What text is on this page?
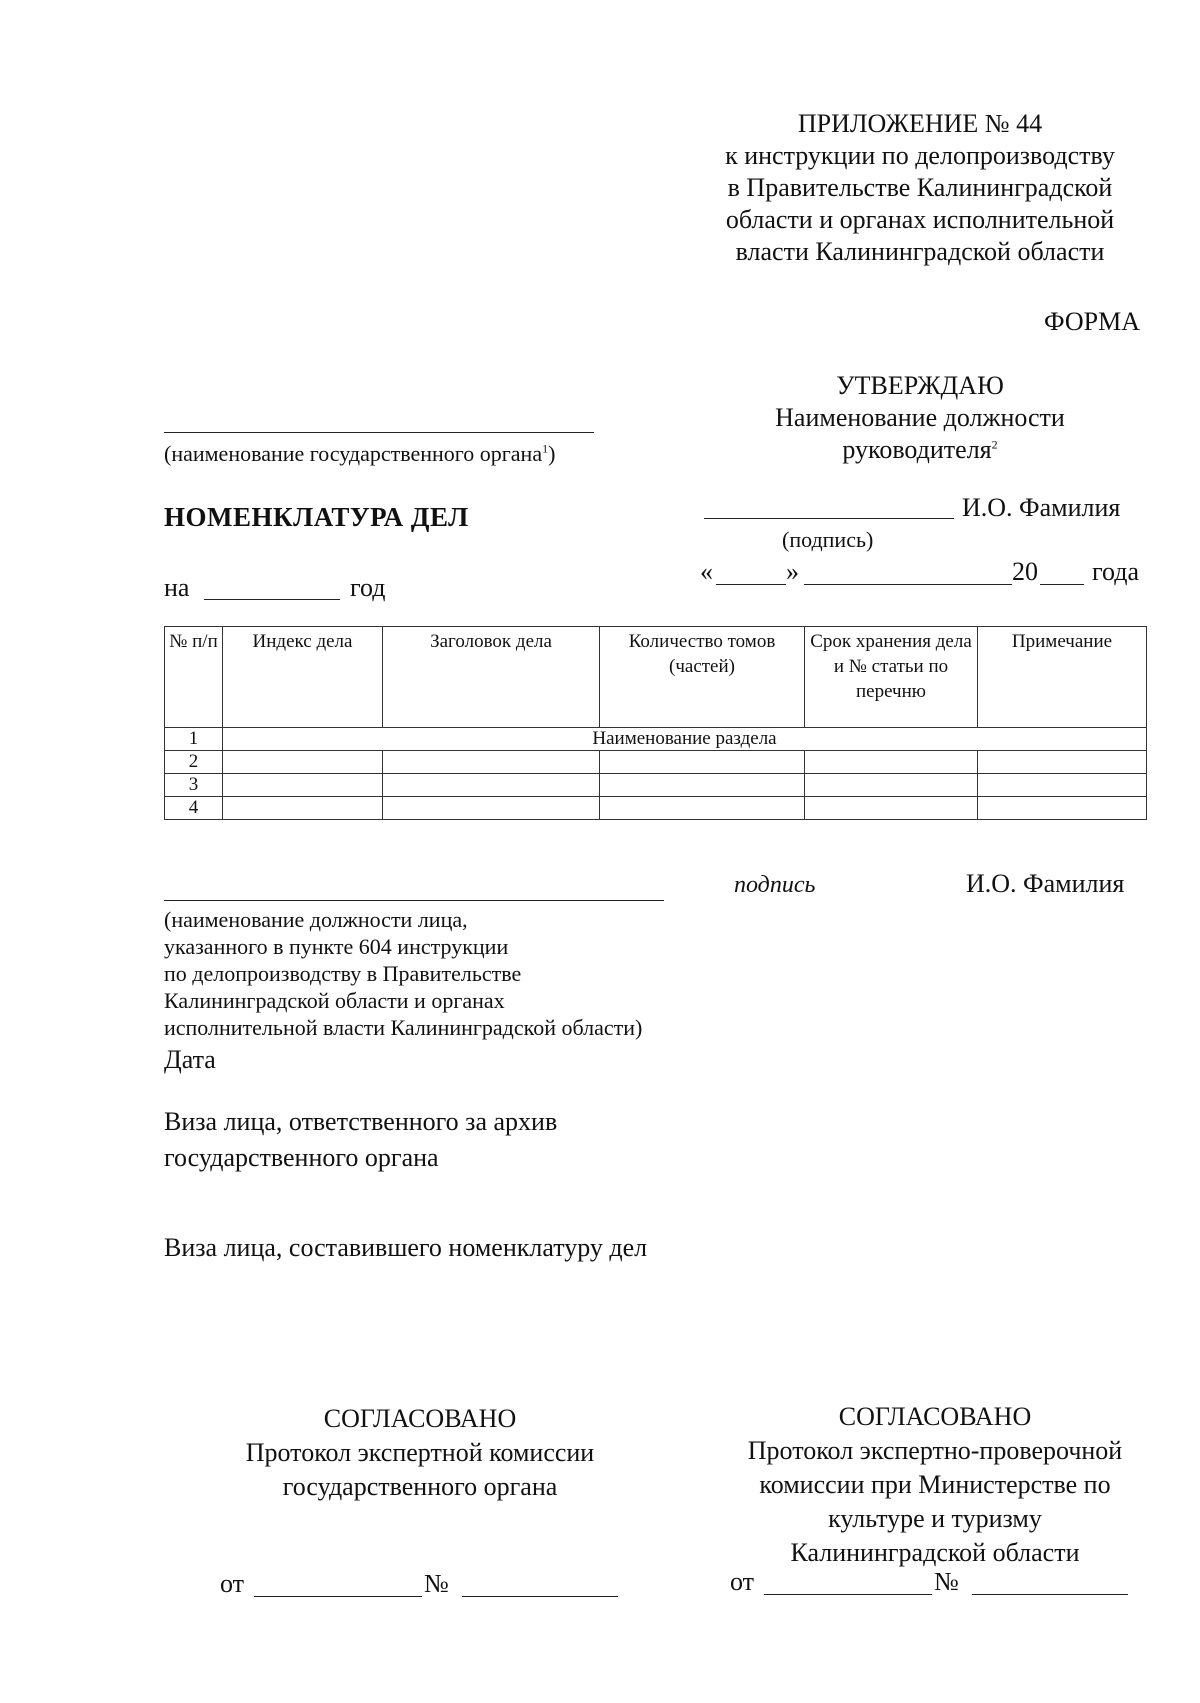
ПРИЛОЖЕНИЕ № 44
к инструкции по делопроизводству
в Правительстве Калининградской
области и органах исполнительной
власти Калининградской области
ФОРМА
УТВЕРЖДАЮ
Наименование должности
руководителя$^2$
(наименование государственного органа$^1$)
НОМЕНКЛАТУРА ДЕЛ	И.О. Фамилия
(подпись)
«	»	20 года
на	год
№ п/п	Индекс дела	Заголовок дела	Количество томов (частей)	Срок хранения дела и № статьи по перечню	Примечание
1	Наименование раздела				
2					
3					
4					
подпись	И.О. Фамилия
(наименование должности лица,
указанного в пункте 604 инструкции
по делопроизводству в Правительстве
Калининградской области и органах
исполнительной власти Калининградской области)
Дата
Виза лица, ответственного за архив
государственного органа
Виза лица, составившего номенклатуру дел
СОГЛАСОВАНО
Протокол экспертной комиссии
государственного органа
от	№
СОГЛАСОВАНО
Протокол экспертно-проверочной
комиссии при Министерстве по
культуре и туризму
Калининградской области
от	№
